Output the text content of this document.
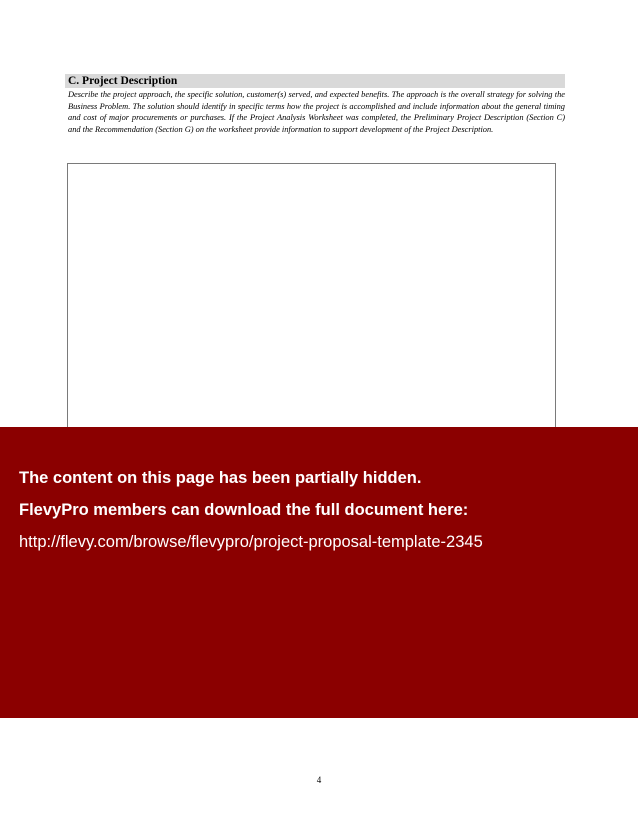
C. Project Description
Describe the project approach, the specific solution, customer(s) served, and expected benefits. The approach is the overall strategy for solving the Business Problem. The solution should identify in specific terms how the project is accomplished and include information about the general timing and cost of major procurements or purchases. If the Project Analysis Worksheet was completed, the Preliminary Project Description (Section C) and the Recommendation (Section G) on the worksheet provide information to support development of the Project Description.
The content on this page has been partially hidden.
FlevyPro members can download the full document here:
http://flevy.com/browse/flevypro/project-proposal-template-2345
4
